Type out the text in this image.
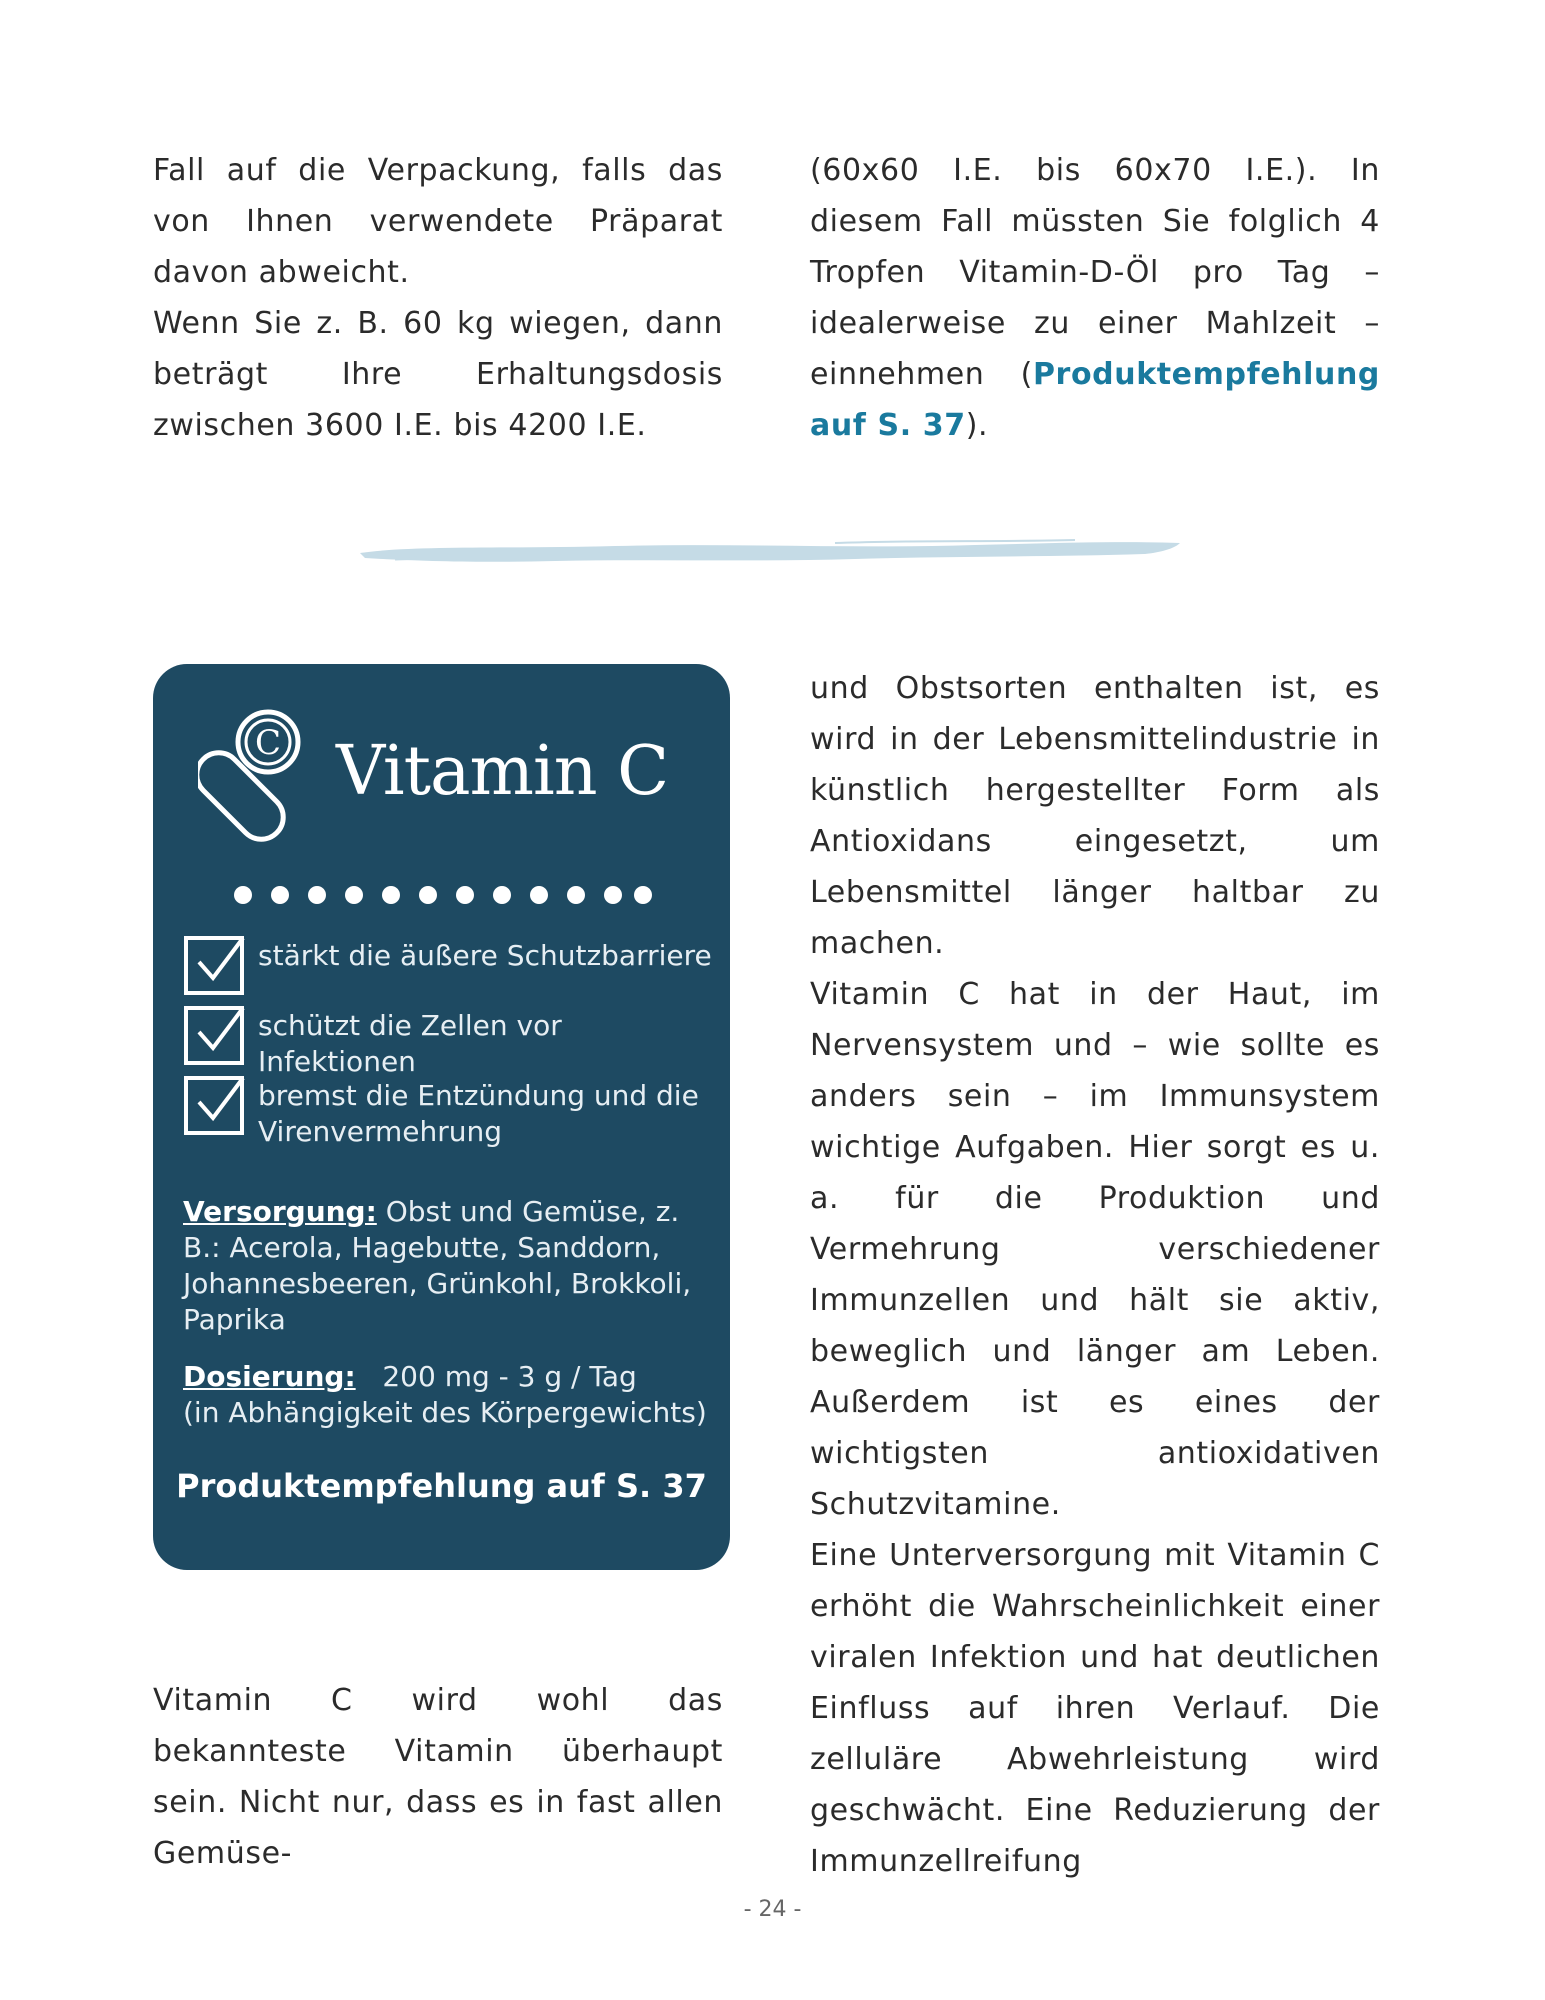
Fall auf die Verpackung, falls das von Ihnen verwendete Präparat davon abweicht.

Wenn Sie z. B. 60 kg wiegen, dann beträgt Ihre Erhaltungsdosis zwischen 3600 I.E. bis 4200 I.E.

(60x60 I.E. bis 60x70 I.E.). In diesem Fall müssten Sie folglich 4 Tropfen Vitamin-D-Öl pro Tag – idealerweise zu einer Mahlzeit – einnehmen (Produktempfehlung auf S. 37).

C Vitamin C
stärkt die äußere Schutzbarriere
schützt die Zellen vor Infektionen
bremst die Entzündung und die Virenvermehrung
Versorgung: Obst und Gemüse, z. B.: Acerola, Hagebutte, Sanddorn, Johannesbeeren, Grünkohl, Brokkoli, Paprika
Dosierung: 200 mg - 3 g / Tag
(in Abhängigkeit des Körpergewichts)
Produktempfehlung auf S. 37

Vitamin C wird wohl das bekannteste Vitamin überhaupt sein. Nicht nur, dass es in fast allen Gemüse-

und Obstsorten enthalten ist, es wird in der Lebensmittelindustrie in künstlich hergestellter Form als Antioxidans eingesetzt, um Lebensmittel länger haltbar zu machen.

Vitamin C hat in der Haut, im Nervensystem und – wie sollte es anders sein – im Immunsystem wichtige Aufgaben. Hier sorgt es u. a. für die Produktion und Vermehrung verschiedener Immunzellen und hält sie aktiv, beweglich und länger am Leben. Außerdem ist es eines der wichtigsten antioxidativen Schutzvitamine.

Eine Unterversorgung mit Vitamin C erhöht die Wahrscheinlichkeit einer viralen Infektion und hat deutlichen Einfluss auf ihren Verlauf. Die zelluläre Abwehrleistung wird geschwächt. Eine Reduzierung der Immunzellreifung

- 24 -
